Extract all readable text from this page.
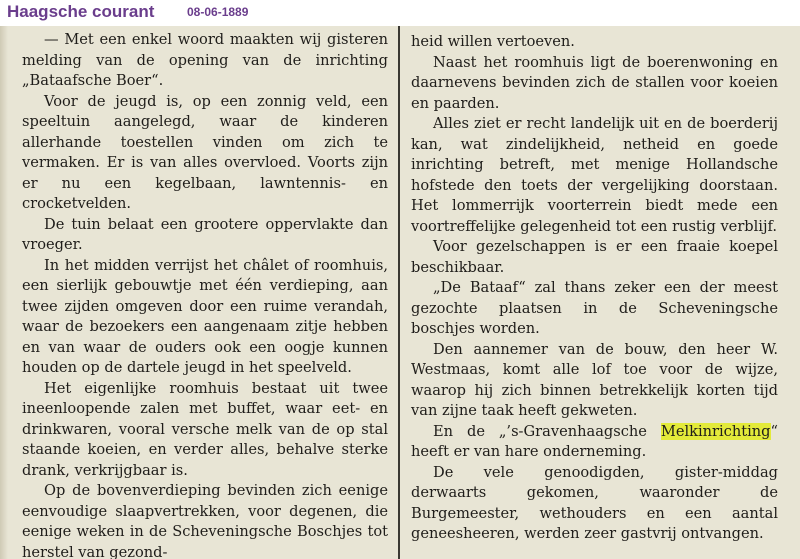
Haagsche courant	08-06-1889

— Met een enkel woord maakten wij gisteren melding van de opening van de inrichting „Bataafsche Boer“.

Voor de jeugd is, op een zonnig veld, een speeltuin aangelegd, waar de kinderen allerhande toestellen vinden om zich te vermaken. Er is van alles overvloed. Voorts zijn er nu een kegelbaan, lawntennis- en crocketvelden.

De tuin belaat een grootere oppervlakte dan vroeger.

In het midden verrijst het châlet of roomhuis, een sierlijk gebouwtje met één verdieping, aan twee zijden omgeven door een ruime verandah, waar de bezoekers een aangenaam zitje hebben en van waar de ouders ook een oogje kunnen houden op de dartele jeugd in het speelveld.

Het eigenlijke roomhuis bestaat uit twee ineenloopende zalen met buffet, waar eet- en drinkwaren, vooral versche melk van de op stal staande koeien, en verder alles, behalve sterke drank, verkrijgbaar is.

Op de bovenverdieping bevinden zich eenige eenvoudige slaapvertrekken, voor degenen, die eenige weken in de Scheveningsche Boschjes tot herstel van gezond-

heid willen vertoeven.

Naast het roomhuis ligt de boerenwoning en daarnevens bevinden zich de stallen voor koeien en paarden.

Alles ziet er recht landelijk uit en de boerderij kan, wat zindelijkheid, netheid en goede inrichting betreft, met menige Hollandsche hofstede den toets der vergelijking doorstaan. Het lommerrijk voorterrein biedt mede een voortreffelijke gelegenheid tot een rustig verblijf.

Voor gezelschappen is er een fraaie koepel beschikbaar.

„De Bataaf“ zal thans zeker een der meest gezochte plaatsen in de Scheveningsche boschjes worden.

Den aannemer van de bouw, den heer W. Westmaas, komt alle lof toe voor de wijze, waarop hij zich binnen betrekkelijk korten tijd van zijne taak heeft gekweten.

En de „’s-Gravenhaagsche Melkinrichting“ heeft er van hare onderneming.

De vele genoodigden, gister-middag derwaarts gekomen, waaronder de Burgemeester, wethouders en een aantal geneesheeren, werden zeer gastvrij ontvangen.
